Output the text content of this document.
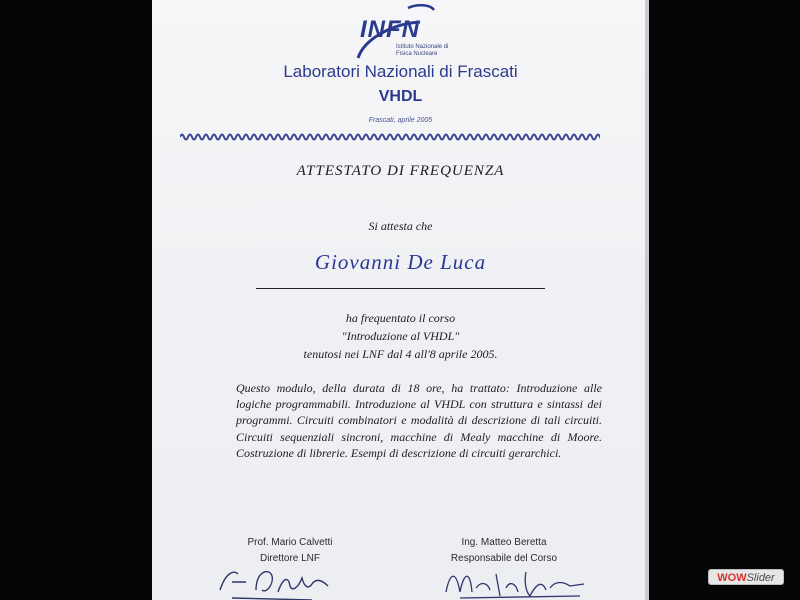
INFN
Istituto Nazionale di Fisica Nucleare
Laboratori Nazionali di Frascati
VHDL
Frascati, aprile 2005
ATTESTATO DI FREQUENZA
Si attesta che
Giovanni De Luca
ha frequentato il corso
"Introduzione al VHDL"
tenutosi nei LNF dal 4 all'8 aprile 2005.
Questo modulo, della durata di 18 ore, ha trattato: Introduzione alle logiche programmabili. Introduzione al VHDL con struttura e sintassi dei programmi. Circuiti combinatori e modalità di descrizione di tali circuiti. Circuiti sequenziali sincroni, macchine di Mealy macchine di Moore. Costruzione di librerie. Esempi di descrizione di circuiti gerarchici.
Prof. Mario Calvetti
Direttore LNF
Ing. Matteo Beretta
Responsabile del Corso
WOWSlider
